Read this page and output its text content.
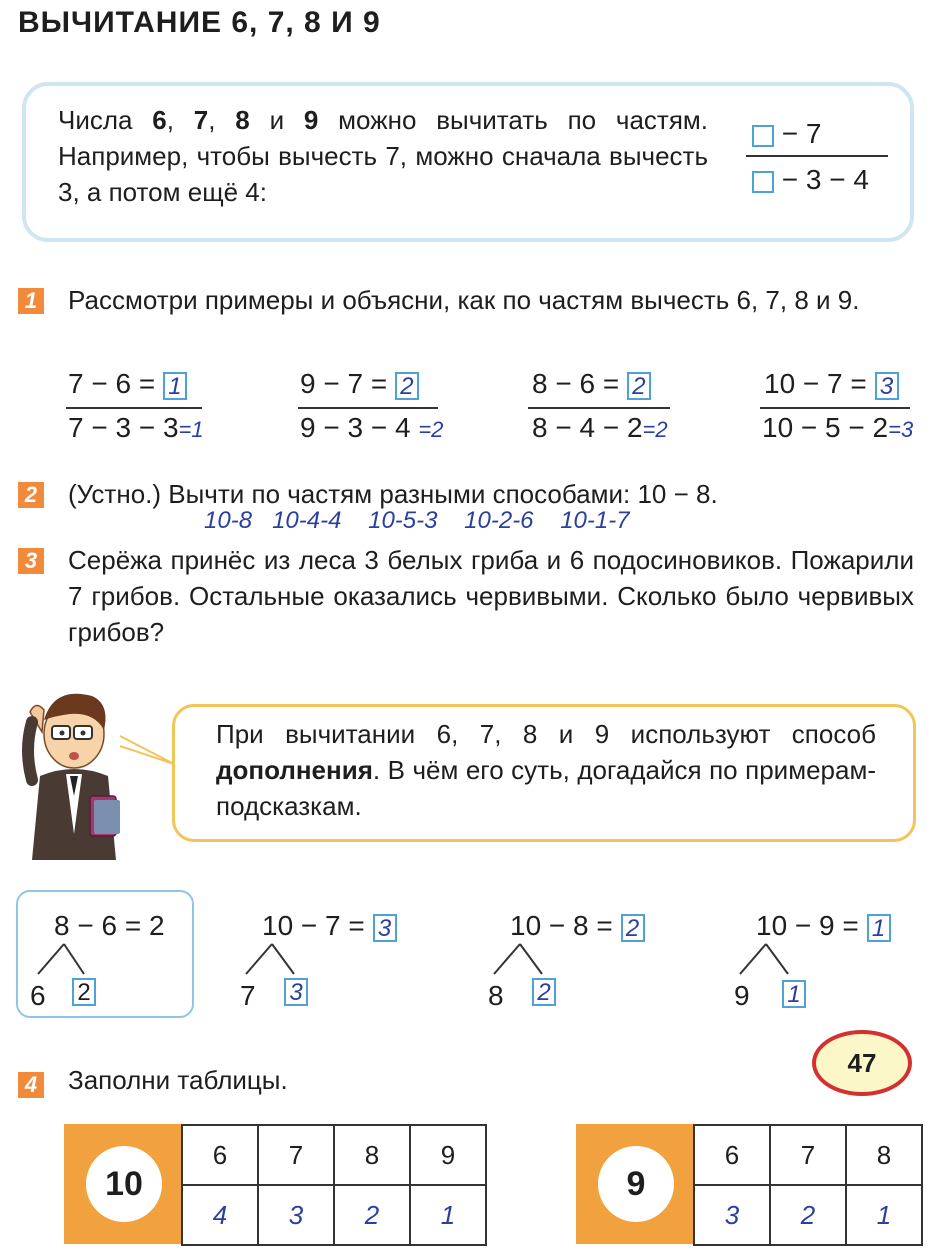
ВЫЧИТАНИЕ 6, 7, 8 И 9
Числа 6, 7, 8 и 9 можно вычитать по частям. Например, чтобы вычесть 7, можно сначала вычесть 3, а потом ещё 4:
− 7
− 3 − 4
1 Рассмотри примеры и объясни, как по частям вычесть 6, 7, 8 и 9.
7 − 6 = 1
7 − 3 − 3=1
9 − 7 = 2
9 − 3 − 4 =2
8 − 6 = 2
8 − 4 − 2=2
10 − 7 = 3
10 − 5 − 2=3
2 (Устно.) Вычти по частям разными способами: 10 − 8.
10-8 10-4-4 10-5-3 10-2-6 10-1-7
3 Серёжа принёс из леса 3 белых гриба и 6 подосиновиков. Пожарили 7 грибов. Остальные оказались червивыми. Сколько было червивых грибов?
При вычитании 6, 7, 8 и 9 используют способ дополнения. В чём его суть, догадайся по примерам-подсказкам.
8 − 6 = 2
6 2
10 − 7 = 3
7 3
10 − 8 = 2
8 2
10 − 9 = 1
9 1
47
4 Заполни таблицы.
10
6	7	8	9
4	3	2	1
9
6	7	8
3	2	1
